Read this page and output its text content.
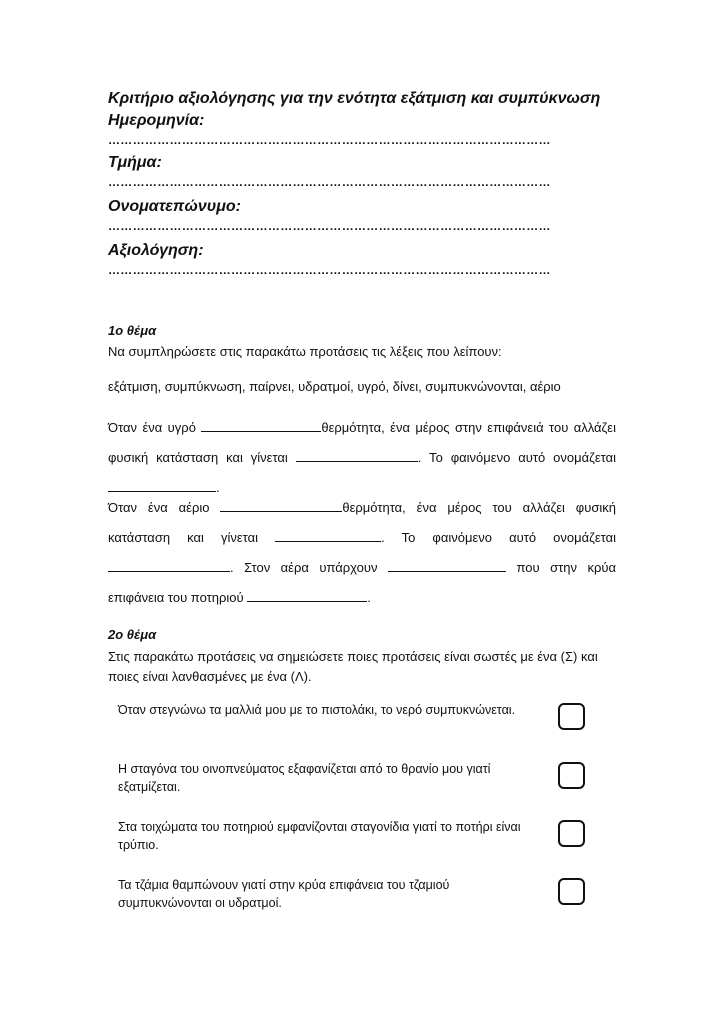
Κριτήριο αξιολόγησης για την ενότητα εξάτμιση και συμπύκνωση
Ημερομηνία:
………………………………………………………………………………………………
Τμήμα:
………………………………………………………………………………………………
Ονοματεπώνυμο:
………………………………………………………………………………………………
Αξιολόγηση:
………………………………………………………………………………………………
1ο θέμα
Να συμπληρώσετε στις παρακάτω προτάσεις τις λέξεις που λείπουν:
εξάτμιση, συμπύκνωση, παίρνει, υδρατμοί, υγρό, δίνει, συμπυκνώνονται, αέριο
Όταν ένα υγρό	θερμότητα, ένα μέρος στην επιφάνειά του αλλάζει φυσική κατάσταση και γίνεται	. Το φαινόμενο αυτό ονομάζεται .
Όταν ένα αέριο	θερμότητα, ένα μέρος του αλλάζει φυσική κατάσταση και γίνεται	. Το φαινόμενο αυτό ονομάζεται . Στον αέρα υπάρχουν	που στην κρύα επιφάνεια του ποτηριού	.
2ο θέμα
Στις παρακάτω προτάσεις να σημειώσετε ποιες προτάσεις είναι σωστές με ένα (Σ) και ποιες είναι λανθασμένες με ένα (Λ).
Όταν στεγνώνω τα μαλλιά μου με το πιστολάκι, το νερό συμπυκνώνεται.
Η σταγόνα του οινοπνεύματος εξαφανίζεται από το θρανίο μου γιατί εξατμίζεται.
Στα τοιχώματα του ποτηριού εμφανίζονται σταγονίδια γιατί το ποτήρι είναι τρύπιο.
Τα τζάμια θαμπώνουν γιατί στην κρύα επιφάνεια του τζαμιού συμπυκνώνονται οι υδρατμοί.
